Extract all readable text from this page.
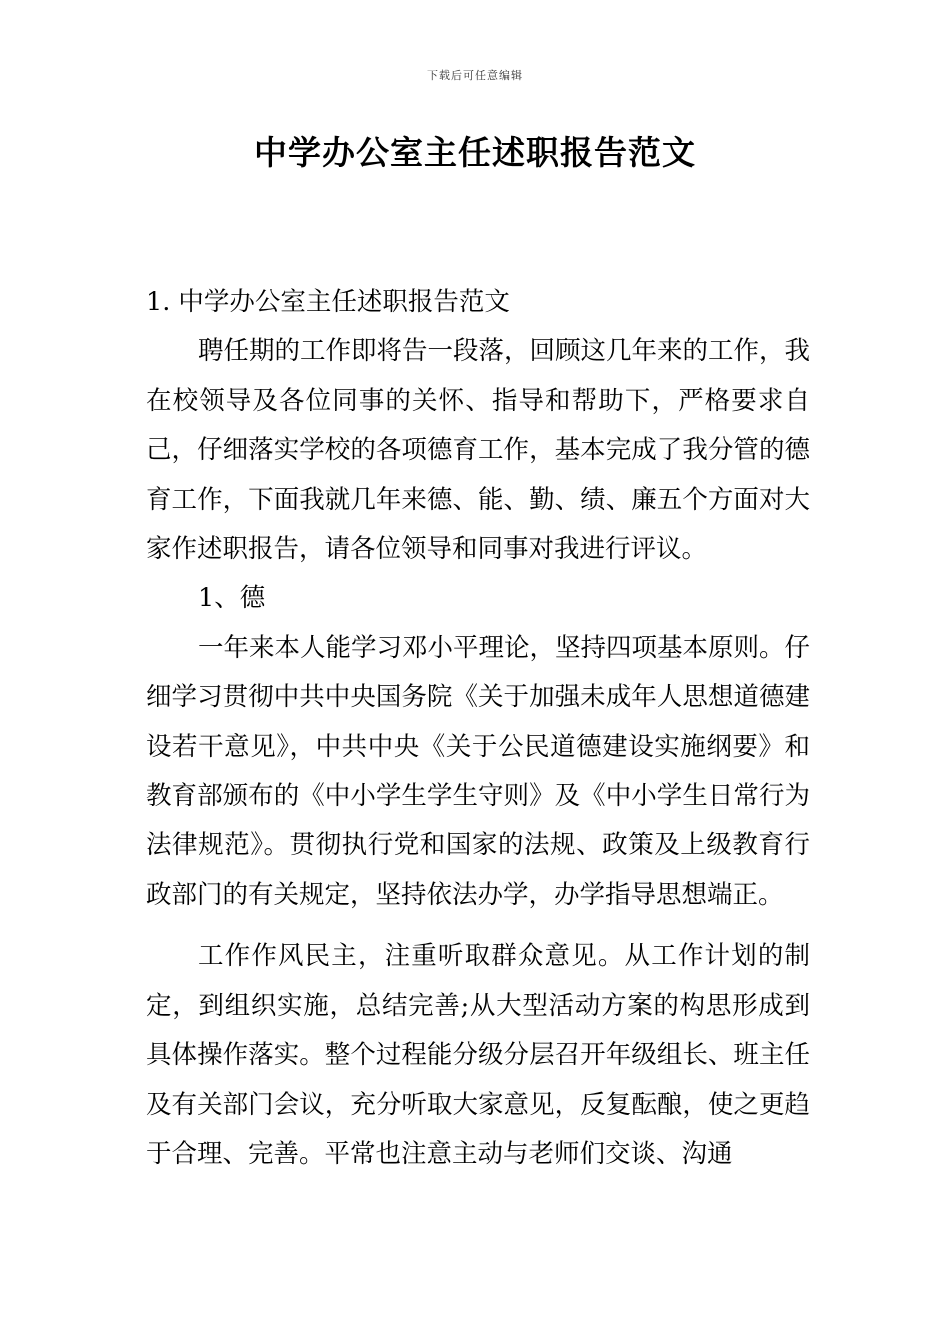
下载后可任意编辑
中学办公室主任述职报告范文

1. 中学办公室主任述职报告范文

聘任期的工作即将告一段落，回顾这几年来的工作，我在校领导及各位同事的关怀、指导和帮助下，严格要求自己，仔细落实学校的各项德育工作，基本完成了我分管的德育工作，下面我就几年来德、能、勤、绩、廉五个方面对大家作述职报告，请各位领导和同事对我进行评议。

1、德

一年来本人能学习邓小平理论，坚持四项基本原则。仔细学习贯彻中共中央国务院《关于加强未成年人思想道德建设若干意见》，中共中央《关于公民道德建设实施纲要》和教育部颁布的《中小学生学生守则》及《中小学生日常行为法律规范》。贯彻执行党和国家的法规、政策及上级教育行政部门的有关规定，坚持依法办学，办学指导思想端正。

工作作风民主，注重听取群众意见。从工作计划的制定，到组织实施，总结完善;从大型活动方案的构思形成到具体操作落实。整个过程能分级分层召开年级组长、班主任及有关部门会议，充分听取大家意见，反复酝酿，使之更趋于合理、完善。平常也注意主动与老师们交谈、沟通
